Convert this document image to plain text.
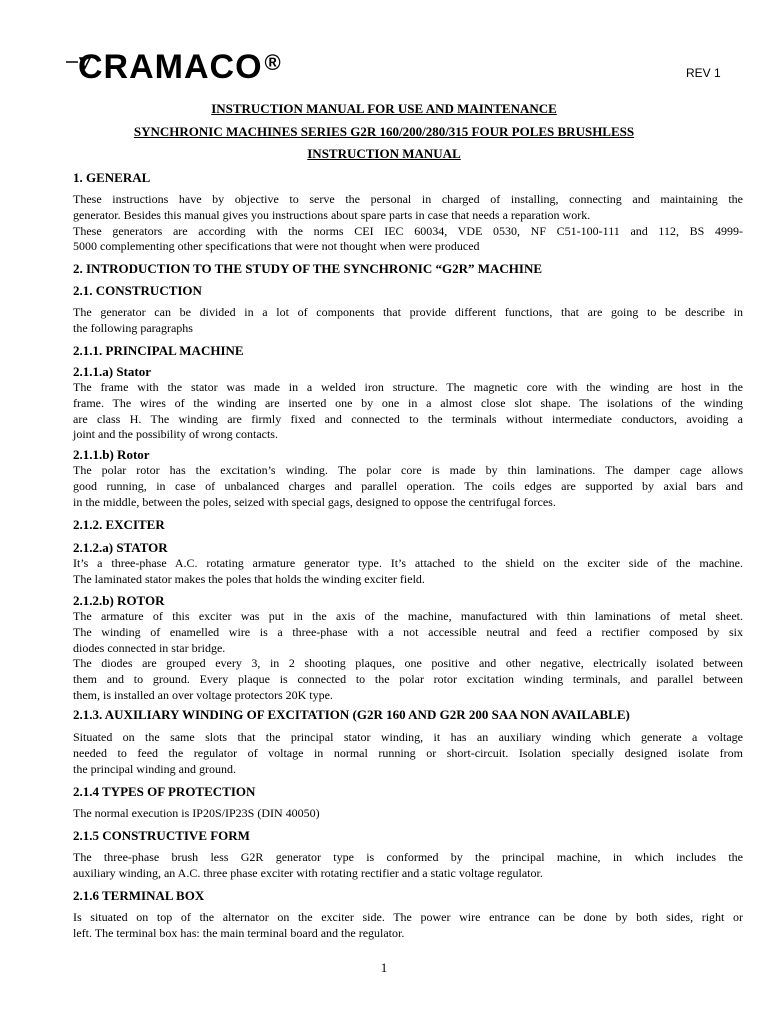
CRAMACO®	REV 1
INSTRUCTION MANUAL FOR USE AND MAINTENANCE
SYNCHRONIC MACHINES SERIES G2R 160/200/280/315 FOUR POLES BRUSHLESS
INSTRUCTION MANUAL
1. GENERAL
These instructions have by objective to serve the personal in charged of installing, connecting and maintaining the
generator. Besides this manual gives you instructions about spare parts in case that needs a reparation work.
These generators are according with the norms CEI IEC 60034, VDE 0530, NF C51-100-111 and 112, BS 4999-
5000 complementing other specifications that were not thought when were produced
2. INTRODUCTION TO THE STUDY OF THE SYNCHRONIC “G2R” MACHINE
2.1. CONSTRUCTION
The generator can be divided in a lot of components that provide different functions, that are going to be describe in
the following paragraphs
2.1.1. PRINCIPAL MACHINE
2.1.1.a) Stator
The frame with the stator was made in a welded iron structure. The magnetic core with the winding are host in the
frame. The wires of the winding are inserted one by one in a almost close slot shape. The isolations of the winding
are class H. The winding are firmly fixed and connected to the terminals without intermediate conductors, avoiding a
joint and the possibility of wrong contacts.
2.1.1.b) Rotor
The polar rotor has the excitation’s winding. The polar core is made by thin laminations. The damper cage allows
good running, in case of unbalanced charges and parallel operation. The coils edges are supported by axial bars and
in the middle, between the poles, seized with special gags, designed to oppose the centrifugal forces.
2.1.2. EXCITER
2.1.2.a) STATOR
It’s a three-phase A.C. rotating armature generator type. It’s attached to the shield on the exciter side of the machine.
The laminated stator makes the poles that holds the winding exciter field.
2.1.2.b) ROTOR
The armature of this exciter was put in the axis of the machine, manufactured with thin laminations of metal sheet.
The winding of enamelled wire is a three-phase with a not accessible neutral and feed a rectifier composed by six
diodes connected in star bridge.
The diodes are grouped every 3, in 2 shooting plaques, one positive and other negative, electrically isolated between
them and to ground. Every plaque is connected to the polar rotor excitation winding terminals, and parallel between
them, is installed an over voltage protectors 20K type.
2.1.3. AUXILIARY WINDING OF EXCITATION (G2R 160 AND G2R 200 SAA NON AVAILABLE)
Situated on the same slots that the principal stator winding, it has an auxiliary winding which generate a voltage
needed to feed the regulator of voltage in normal running or short-circuit. Isolation specially designed isolate from
the principal winding and ground.
2.1.4 TYPES OF PROTECTION
The normal execution is IP20S/IP23S (DIN 40050)
2.1.5 CONSTRUCTIVE FORM
The three-phase brush less G2R generator type is conformed by the principal machine, in which includes the
auxiliary winding, an A.C. three phase exciter with rotating rectifier and a static voltage regulator.
2.1.6 TERMINAL BOX
Is situated on top of the alternator on the exciter side. The power wire entrance can be done by both sides, right or
left. The terminal box has: the main terminal board and the regulator.
1
